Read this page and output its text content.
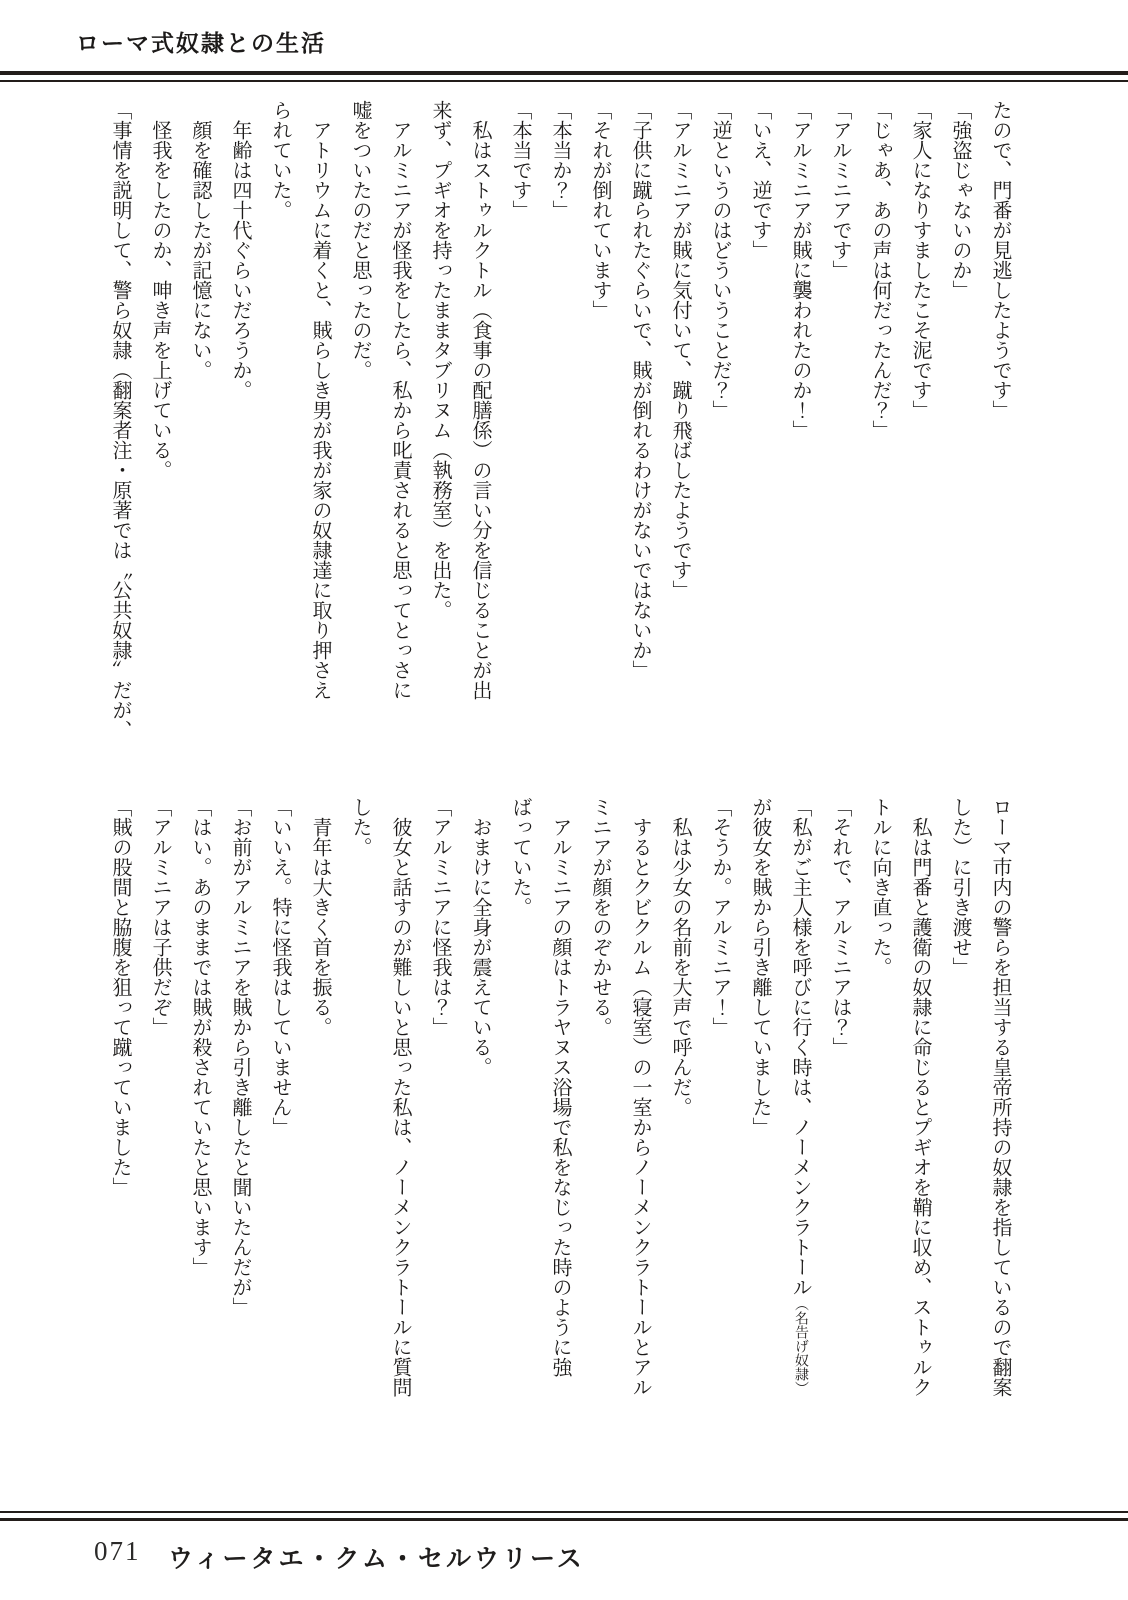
ローマ式奴隷との生活

たので、門番が見逃したようです」

「強盗じゃないのか」

「家人になりすましたこそ泥です」

「じゃあ、あの声は何だったんだ？」

「アルミニアです」

「アルミニアが賊に襲われたのか！」

「いえ、逆です」

「逆というのはどういうことだ？」

「アルミニアが賊に気付いて、蹴り飛ばしたようです」

「子供に蹴られたぐらいで、賊が倒れるわけがないではないか」

「それが倒れています」

「本当か？」

「本当です」

　私はストゥルクトル（食事の配膳係）の言い分を信じることが出

来ず、プギオを持ったままタブリヌム（執務室）を出た。

　アルミニアが怪我をしたら、私から叱責されると思ってとっさに

嘘をついたのだと思ったのだ。

　アトリウムに着くと、賊らしき男が我が家の奴隷達に取り押さえ

られていた。

　年齢は四十代ぐらいだろうか。

　顔を確認したが記憶にない。

　怪我をしたのか、呻き声を上げている。

「事情を説明して、警ら奴隷（翻案者注・原著では〝公共奴隷〟だが、

ローマ市内の警らを担当する皇帝所持の奴隷を指しているので翻案

した）に引き渡せ」

　私は門番と護衛の奴隷に命じるとプギオを鞘に収め、ストゥルク

トルに向き直った。

「それで、アルミニアは？」

「私がご主人様を呼びに行く時は、ノーメンクラトール（名告げ奴隷）

が彼女を賊から引き離していました」

「そうか。アルミニア！」

　私は少女の名前を大声で呼んだ。

　するとクビクルム（寝室）の一室からノーメンクラトールとアル

ミニアが顔をのぞかせる。

　アルミニアの顔はトラヤヌス浴場で私をなじった時のように強

ばっていた。

　おまけに全身が震えている。

「アルミニアに怪我は？」

　彼女と話すのが難しいと思った私は、ノーメンクラトールに質問

した。

　青年は大きく首を振る。

「いいえ。特に怪我はしていません」

「お前がアルミニアを賊から引き離したと聞いたんだが」

「はい。あのままでは賊が殺されていたと思います」

「アルミニアは子供だぞ」

「賊の股間と脇腹を狙って蹴っていました」

071 ウィータエ・クム・セルウリース
